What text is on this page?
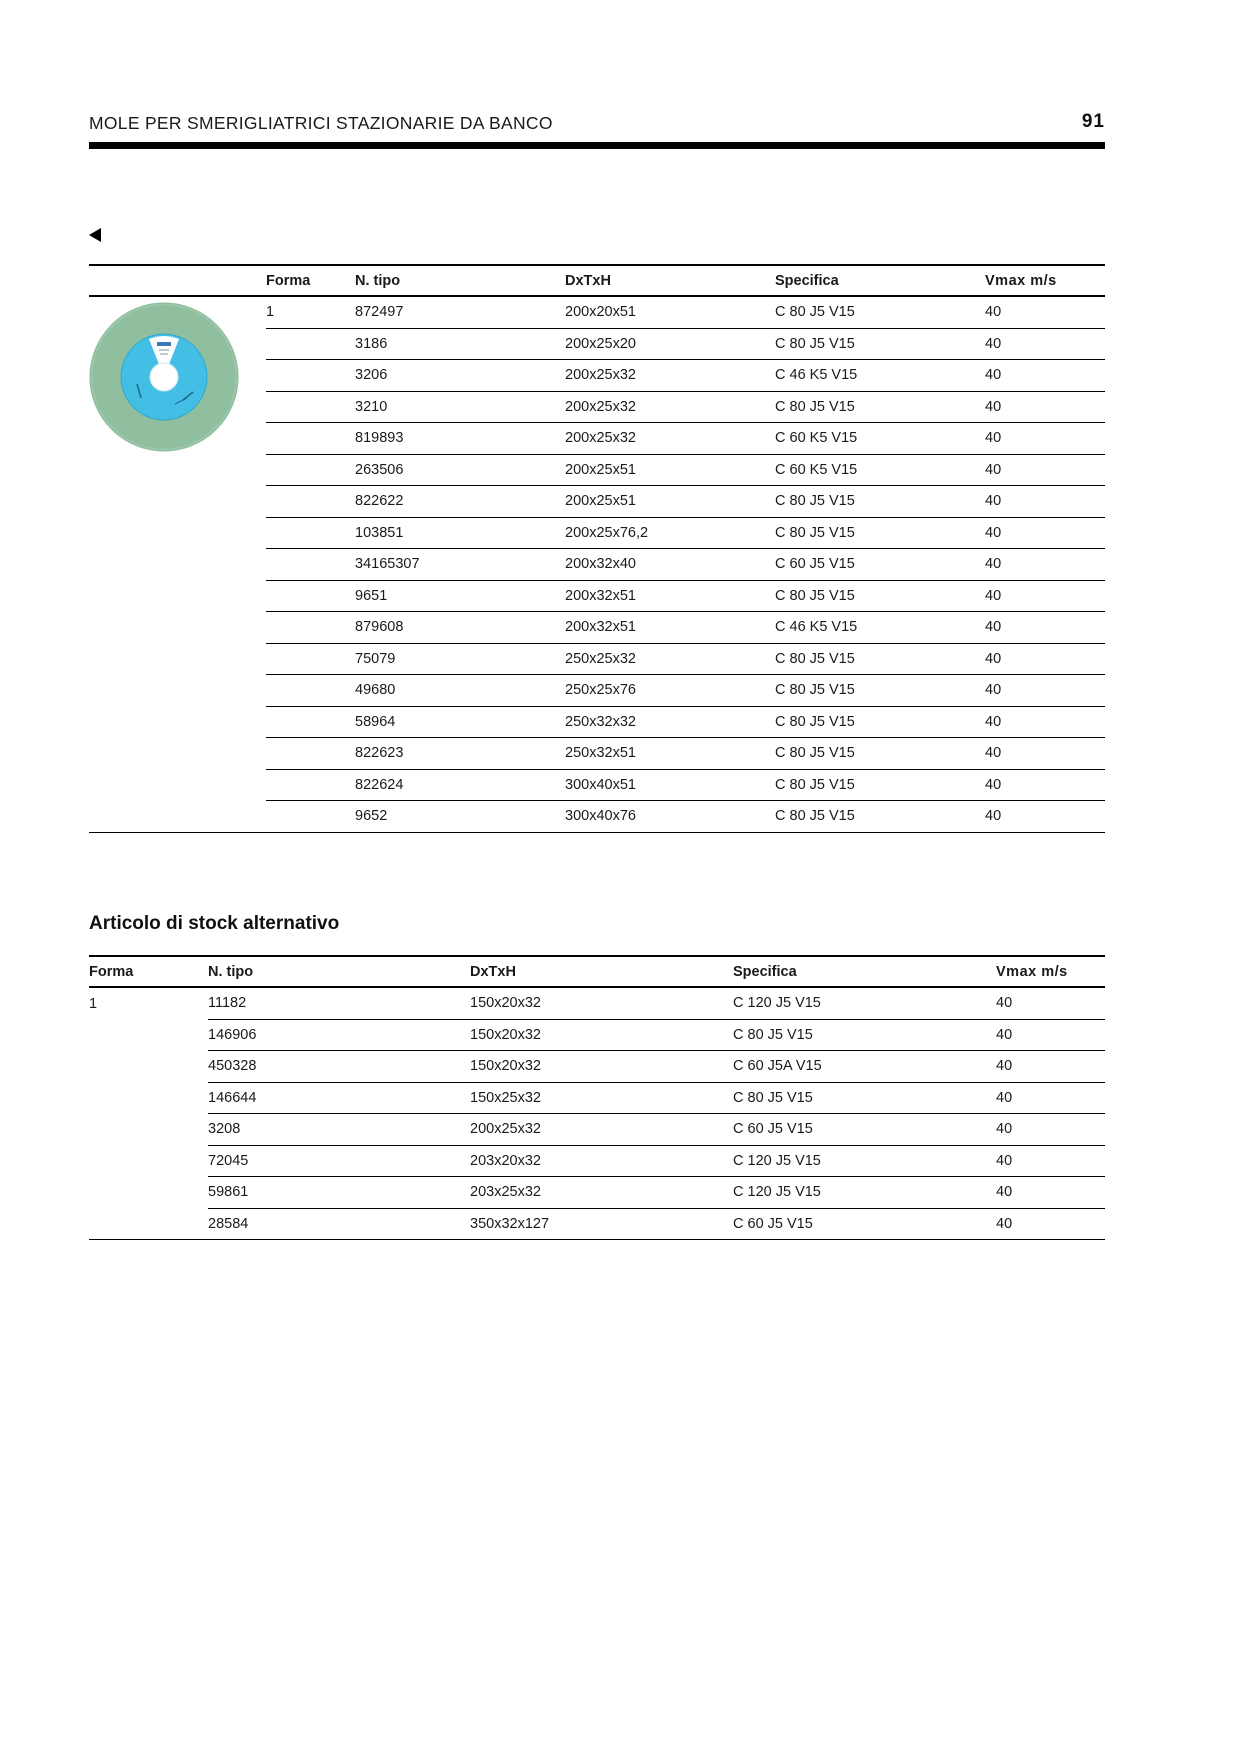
MOLE PER SMERIGLIATRICI STAZIONARIE DA BANCO	91
	Forma	N. tipo	DxTxH	Specifica	Vmax m/s
	1	872497	200x20x51	C 80 J5 V15	40
		3186	200x25x20	C 80 J5 V15	40
		3206	200x25x32	C 46 K5 V15	40
		3210	200x25x32	C 80 J5 V15	40
		819893	200x25x32	C 60 K5 V15	40
		263506	200x25x51	C 60 K5 V15	40
		822622	200x25x51	C 80 J5 V15	40
		103851	200x25x76,2	C 80 J5 V15	40
		34165307	200x32x40	C 60 J5 V15	40
		9651	200x32x51	C 80 J5 V15	40
		879608	200x32x51	C 46 K5 V15	40
		75079	250x25x32	C 80 J5 V15	40
		49680	250x25x76	C 80 J5 V15	40
		58964	250x32x32	C 80 J5 V15	40
		822623	250x32x51	C 80 J5 V15	40
		822624	300x40x51	C 80 J5 V15	40
		9652	300x40x76	C 80 J5 V15	40
Articolo di stock alternativo
Forma	N. tipo	DxTxH	Specifica	Vmax m/s
1	11182	150x20x32	C 120 J5 V15	40
	146906	150x20x32	C 80 J5 V15	40
	450328	150x20x32	C 60 J5A V15	40
	146644	150x25x32	C 80 J5 V15	40
	3208	200x25x32	C 60 J5 V15	40
	72045	203x20x32	C 120 J5 V15	40
	59861	203x25x32	C 120 J5 V15	40
	28584	350x32x127	C 60 J5 V15	40
